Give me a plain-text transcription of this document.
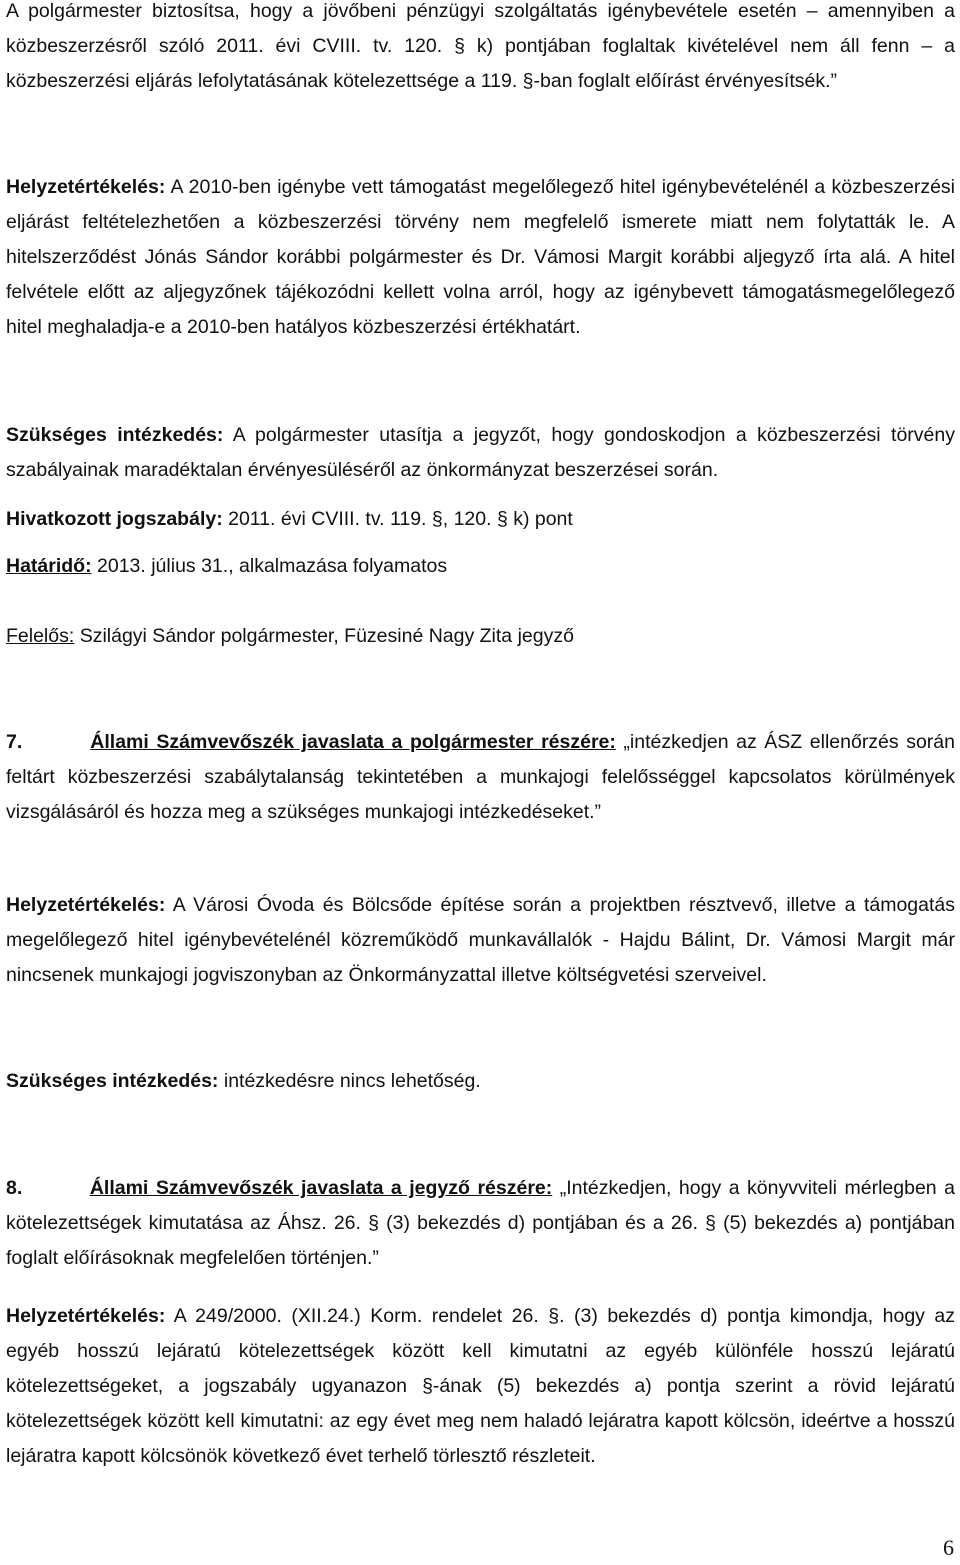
A polgármester biztosítsa, hogy a jövőbeni pénzügyi szolgáltatás igénybevétele esetén – amennyiben a közbeszerzésről szóló 2011. évi CVIII. tv. 120. § k) pontjában foglaltak kivételével nem áll fenn – a közbeszerzési eljárás lefolytatásának kötelezettsége a 119. §-ban foglalt előírást érvényesítsék.”

Helyzetértékelés: A 2010-ben igénybe vett támogatást megelőlegező hitel igénybevételénél a közbeszerzési eljárást feltételezhetően a közbeszerzési törvény nem megfelelő ismerete miatt nem folytatták le. A hitelszerződést Jónás Sándor korábbi polgármester és Dr. Vámosi Margit korábbi aljegyző írta alá. A hitel felvétele előtt az aljegyzőnek tájékozódni kellett volna arról, hogy az igénybevett támogatásmegelőlegező hitel meghaladja-e a 2010-ben hatályos közbeszerzési értékhatárt.

Szükséges intézkedés: A polgármester utasítja a jegyzőt, hogy gondoskodjon a közbeszerzési törvény szabályainak maradéktalan érvényesüléséről az önkormányzat beszerzései során.

Hivatkozott jogszabály: 2011. évi CVIII. tv. 119. §, 120. § k) pont

Határidő: 2013. július 31., alkalmazása folyamatos

Felelős: Szilágyi Sándor polgármester, Füzesiné Nagy Zita jegyző

7.	Állami Számvevőszék javaslata a polgármester részére: „intézkedjen az ÁSZ ellenőrzés során feltárt közbeszerzési szabálytalanság tekintetében a munkajogi felelősséggel kapcsolatos körülmények vizsgálásáról és hozza meg a szükséges munkajogi intézkedéseket.”

Helyzetértékelés: A Városi Óvoda és Bölcsőde építése során a projektben résztvevő, illetve a támogatás megelőlegező hitel igénybevételénél közreműködő munkavállalók - Hajdu Bálint, Dr. Vámosi Margit már nincsenek munkajogi jogviszonyban az Önkormányzattal illetve költségvetési szerveivel.

Szükséges intézkedés: intézkedésre nincs lehetőség.

8.	Állami Számvevőszék javaslata a jegyző részére: „Intézkedjen, hogy a könyvviteli mérlegben a kötelezettségek kimutatása az Áhsz. 26. § (3) bekezdés d) pontjában és a 26. § (5) bekezdés a) pontjában foglalt előírásoknak megfelelően történjen.”

Helyzetértékelés: A 249/2000. (XII.24.) Korm. rendelet 26. §. (3) bekezdés d) pontja kimondja, hogy az egyéb hosszú lejáratú kötelezettségek között kell kimutatni az egyéb különféle hosszú lejáratú kötelezettségeket, a jogszabály ugyanazon §-ának (5) bekezdés a) pontja szerint a rövid lejáratú kötelezettségek között kell kimutatni: az egy évet meg nem haladó lejáratra kapott kölcsön, ideértve a hosszú lejáratra kapott kölcsönök következő évet terhelő törlesztő részleteit.

6
